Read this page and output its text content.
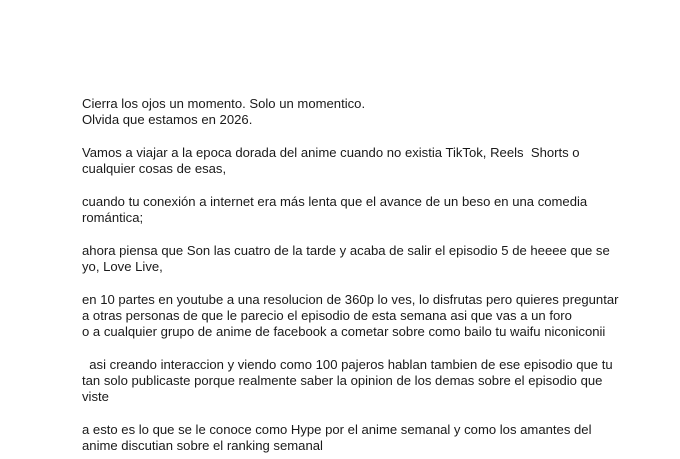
Cierra los ojos un momento. Solo un momentico.
Olvida que estamos en 2026.

Vamos a viajar a la epoca dorada del anime cuando no existia TikTok, Reels  Shorts o
cualquier cosas de esas,

cuando tu conexión a internet era más lenta que el avance de un beso en una comedia
romántica;

ahora piensa que Son las cuatro de la tarde y acaba de salir el episodio 5 de heeee que se
yo, Love Live,

en 10 partes en youtube a una resolucion de 360p lo ves, lo disfrutas pero quieres preguntar
a otras personas de que le parecio el episodio de esta semana asi que vas a un foro
o a cualquier grupo de anime de facebook a cometar sobre como bailo tu waifu niconiconii

asi creando interaccion y viendo como 100 pajeros hablan tambien de ese episodio que tu
tan solo publicaste porque realmente saber la opinion de los demas sobre el episodio que
viste

a esto es lo que se le conoce como Hype por el anime semanal y como los amantes del
anime discutian sobre el ranking semanal
